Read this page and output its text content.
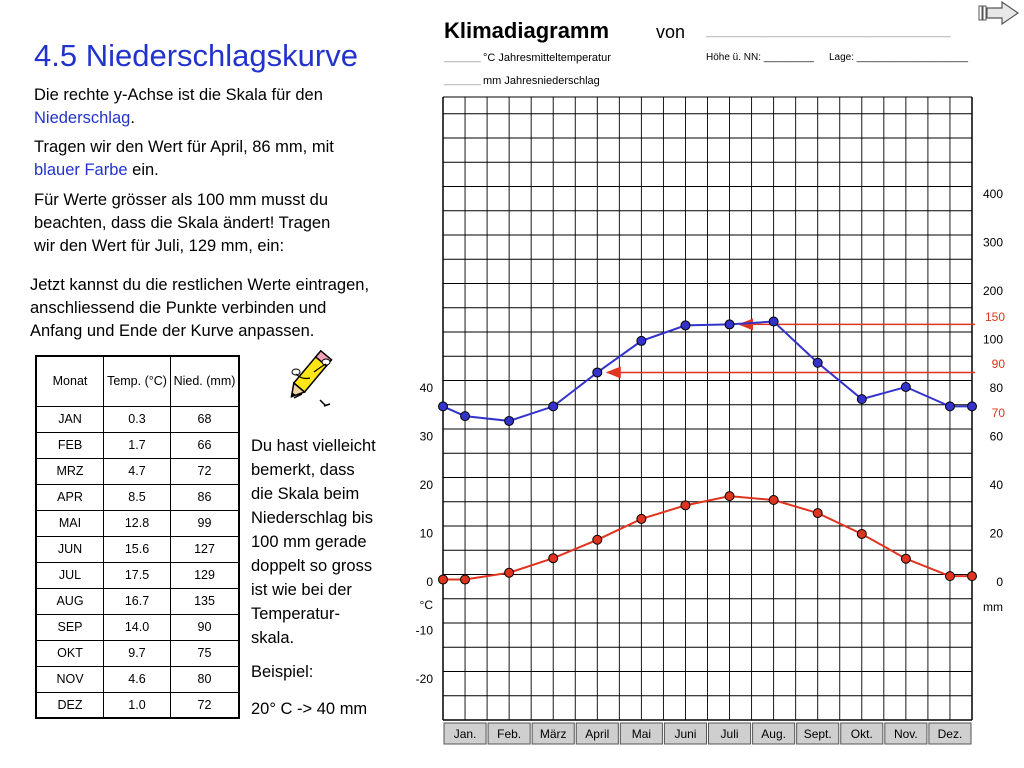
4.5 Niederschlagskurve
Die rechte y-Achse ist die Skala für den
Niederschlag.
Tragen wir den Wert für April, 86 mm, mit
blauer Farbe ein.
Für Werte grösser als 100 mm musst du
beachten, dass die Skala ändert! Tragen
wir den Wert für Juli, 129 mm, ein:
Jetzt kannst du die restlichen Werte eintragen,
anschliessend die Punkte verbinden und
Anfang und Ende der Kurve anpassen.
Monat	Temp. (°C)	Nied. (mm)
JAN	0.3	68
FEB	1.7	66
MRZ	4.7	72
APR	8.5	86
MAI	12.8	99
JUN	15.6	127
JUL	17.5	129
AUG	16.7	135
SEP	14.0	90
OKT	9.7	75
NOV	4.6	80
DEZ	1.0	72
Du hast vielleicht
bemerkt, dass
die Skala beim
Niederschlag bis
100 mm gerade
doppelt so gross
ist wie bei der
Temperatur-
skala.
Beispiel:
20° C -> 40 mm
Klimadiagramm	von ________________________________________
______ °C Jahresmitteltemperatur	Höhe ü. NN: _________ Lage: ____________________
______ mm Jahresniederschlag
Jan. Feb. März April Mai Juni Juli Aug. Sept. Okt. Nov. Dez.
40
30
20
10
0
-10
-20
°C
400
300
200
100
80
60
40
20
0
mm
150
90
70
